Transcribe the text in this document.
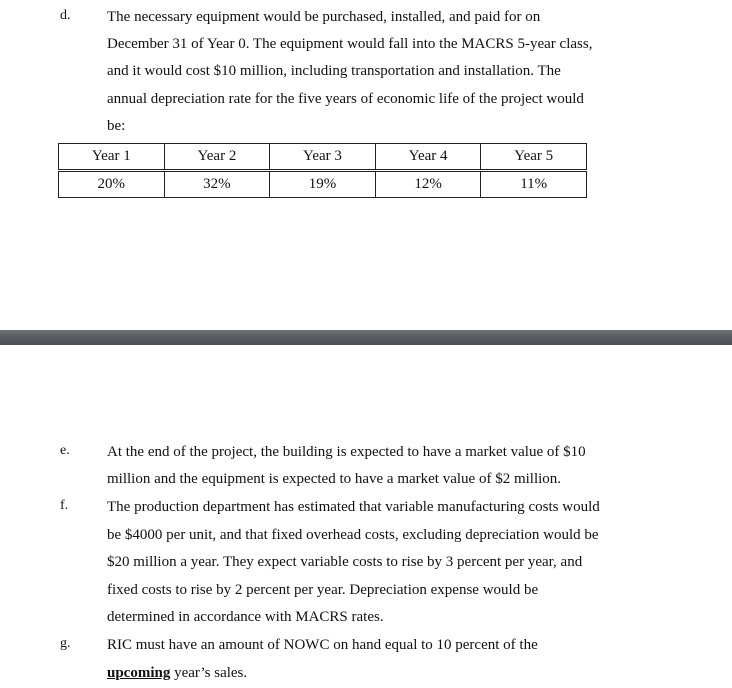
d. The necessary equipment would be purchased, installed, and paid for on
December 31 of Year 0. The equipment would fall into the MACRS 5-year class,
and it would cost $10 million, including transportation and installation. The
annual depreciation rate for the five years of economic life of the project would
be:
Year 1	Year 2	Year 3	Year 4	Year 5
20%	32%	19%	12%	11%
e. At the end of the project, the building is expected to have a market value of $10
million and the equipment is expected to have a market value of $2 million.
f.	The production department has estimated that variable manufacturing costs would
be $4000 per unit, and that fixed overhead costs, excluding depreciation would be
$20 million a year. They expect variable costs to rise by 3 percent per year, and
fixed costs to rise by 2 percent per year. Depreciation expense would be
determined in accordance with MACRS rates.
g. RIC must have an amount of NOWC on hand equal to 10 percent of the
upcoming year’s sales.
